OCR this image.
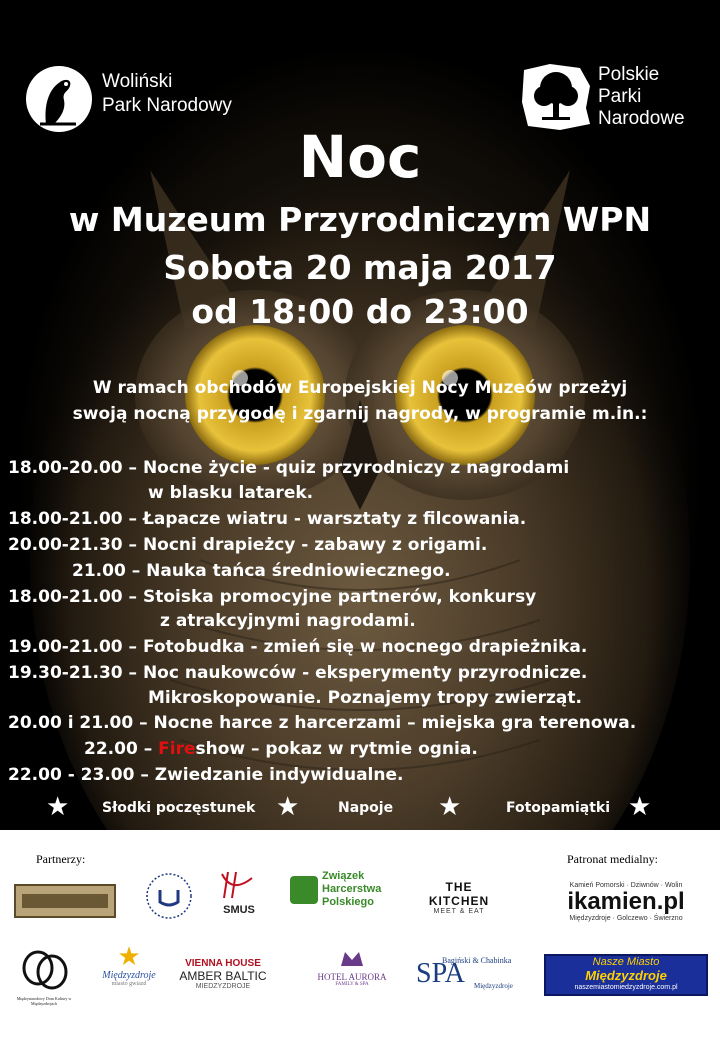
Woliński
Park Narodowy
Polskie
Parki
Narodowe
Noc
w Muzeum Przyrodniczym WPN
Sobota 20 maja 2017
od 18:00 do 23:00
W ramach obchodów Europejskiej Nocy Muzeów przeżyj
swoją nocną przygodę i zgarnij nagrody, w programie m.in.:
18.00-20.00 – Nocne życie - quiz przyrodniczy z nagrodami
w blasku latarek.
18.00-21.00 – Łapacze wiatru - warsztaty z filcowania.
20.00-21.30 – Nocni drapieżcy - zabawy z origami.
21.00 – Nauka tańca średniowiecznego.
18.00-21.00 – Stoiska promocyjne partnerów, konkursy
z atrakcyjnymi nagrodami.
19.00-21.00 – Fotobudka - zmień się w nocnego drapieżnika.
19.30-21.30 – Noc naukowców - eksperymenty przyrodnicze.
Mikroskopowanie. Poznajemy tropy zwierząt.
20.00 i 21.00 – Nocne harce z harcerzami – miejska gra terenowa.
22.00 – Fireshow – pokaz w rytmie ognia.
22.00 - 23.00 – Zwiedzanie indywidualne.
★ Słodki poczęstunek ★	Napoje ★	Fotopamiątki ★
Partnerzy:	Patronat medialny:
SMUS
Związek
Harcerstwa
Polskiego
THE KITCHEN
MEET & EAT
Kamień Pomorski · Dziwnów · Wolin
ikamien.pl
Międzyzdroje · Golczewo · Świerzno
Międzynarodowy Dom Kultury w Międzyzdrojach
★
Międzyzdroje
miasto gwiazd
VIENNA HOUSE
AMBER BALTIC
MIEDZYZDROJE
HOTEL AURORA
FAMILY & SPA
Bagiński & Chabinka
SPA Międzyzdroje
Nasze Miasto
Międzyzdroje
naszemiastomiedzyzdroje.com.pl
